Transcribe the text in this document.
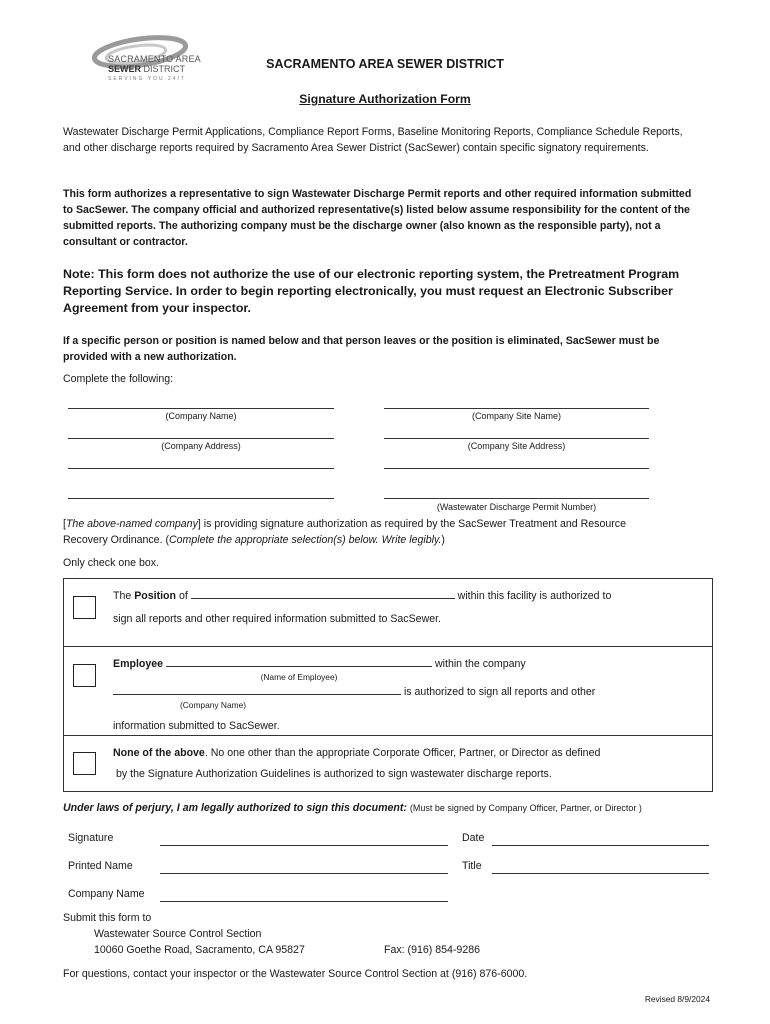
SACRAMENTO AREA
SEWER DISTRICT
SERVING YOU 24/7
SACRAMENTO AREA SEWER DISTRICT
Signature Authorization Form
Wastewater Discharge Permit Applications, Compliance Report Forms, Baseline Monitoring Reports, Compliance Schedule Reports, and other discharge reports required by Sacramento Area Sewer District (SacSewer) contain specific signatory requirements.
This form authorizes a representative to sign Wastewater Discharge Permit reports and other required information submitted to SacSewer. The company official and authorized representative(s) listed below assume responsibility for the content of the submitted reports. The authorizing company must be the discharge owner (also known as the responsible party), not a consultant or contractor.
Note: This form does not authorize the use of our electronic reporting system, the Pretreatment Program Reporting Service. In order to begin reporting electronically, you must request an Electronic Subscriber Agreement from your inspector.
If a specific person or position is named below and that person leaves or the position is eliminated, SacSewer must be provided with a new authorization.
Complete the following:
(Company Name)	(Company Site Name)
(Company Address)	(Company Site Address)
(Wastewater Discharge Permit Number)
[The above-named company] is providing signature authorization as required by the SacSewer Treatment and Resource
Recovery Ordinance. (Complete the appropriate selection(s) below. Write legibly.)
Only check one box.
The Position of	within this facility is authorized to
sign all reports and other required information submitted to SacSewer.
Employee	within the company
(Name of Employee)
is authorized to sign all reports and other
(Company Name)
information submitted to SacSewer.
None of the above. No one other than the appropriate Corporate Officer, Partner, or Director as defined
by the Signature Authorization Guidelines is authorized to sign wastewater discharge reports.
Under laws of perjury, I am legally authorized to sign this document: (Must be signed by Company Officer, Partner, or Director )
Signature	Date
Printed Name	Title
Company Name
Submit this form to
Wastewater Source Control Section
10060 Goethe Road, Sacramento, CA 95827	Fax: (916) 854-9286
For questions, contact your inspector or the Wastewater Source Control Section at (916) 876-6000.
Revised 8/9/2024
